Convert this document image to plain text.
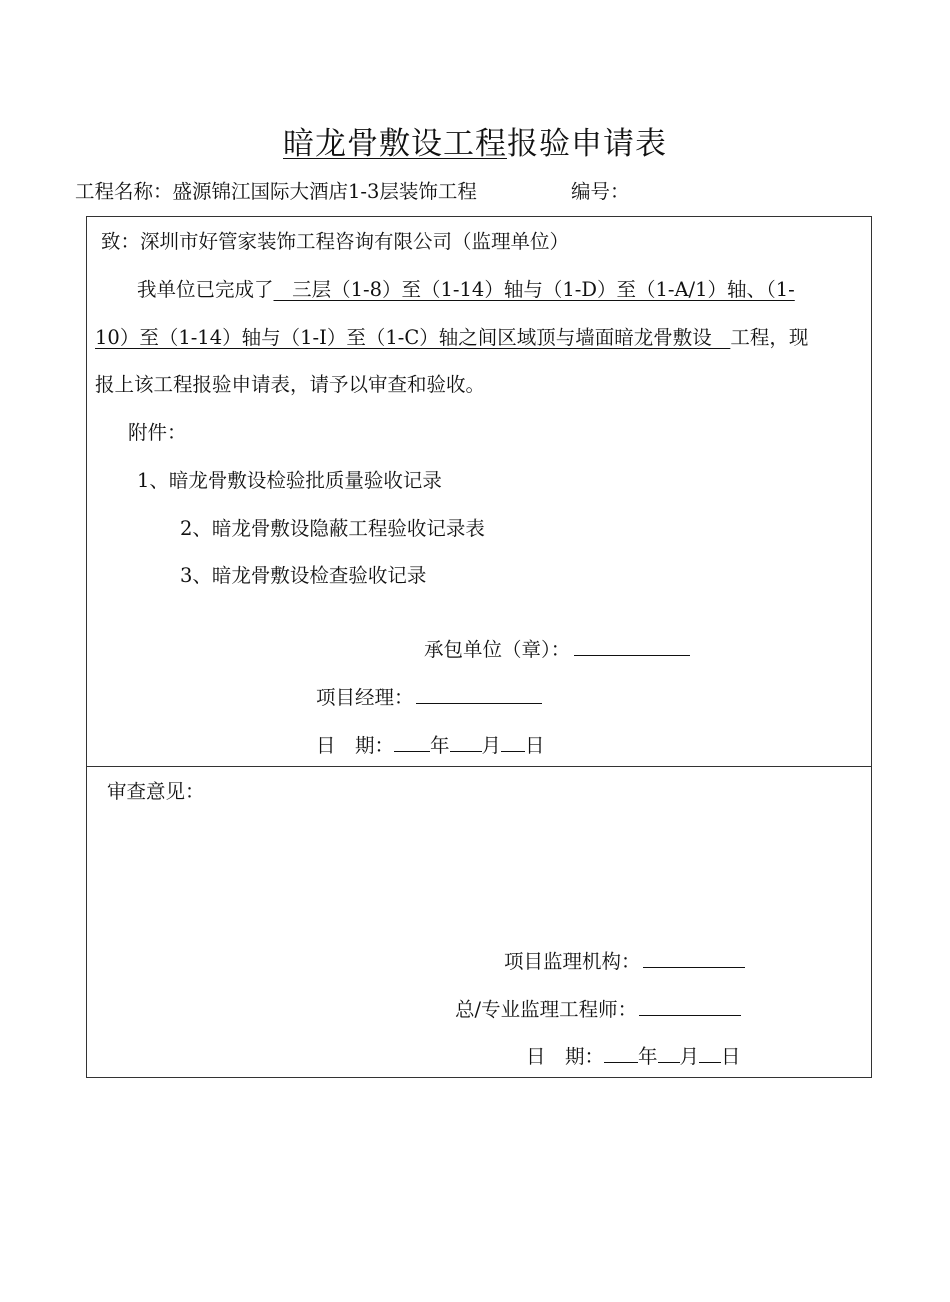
暗龙骨敷设工程报验申请表
工程名称：盛源锦江国际大酒店1-3层装饰工程	编号：
致：深圳市好管家装饰工程咨询有限公司（监理单位）
我单位已完成了   三层（1-8）至（1-14）轴与（1-D）至（1-A/1）轴、（1-
10）至（1-14）轴与（1-I）至（1-C）轴之间区域顶与墙面暗龙骨敷设   工程，现
报上该工程报验申请表，请予以审查和验收。
附件：
1、暗龙骨敷设检验批质量验收记录
2、暗龙骨敷设隐蔽工程验收记录表
3、暗龙骨敷设检查验收记录
承包单位（章）：
项目经理：
日　期： 年 月 日
审查意见：
项目监理机构：
总/专业监理工程师：
日　期： 年 月 日
